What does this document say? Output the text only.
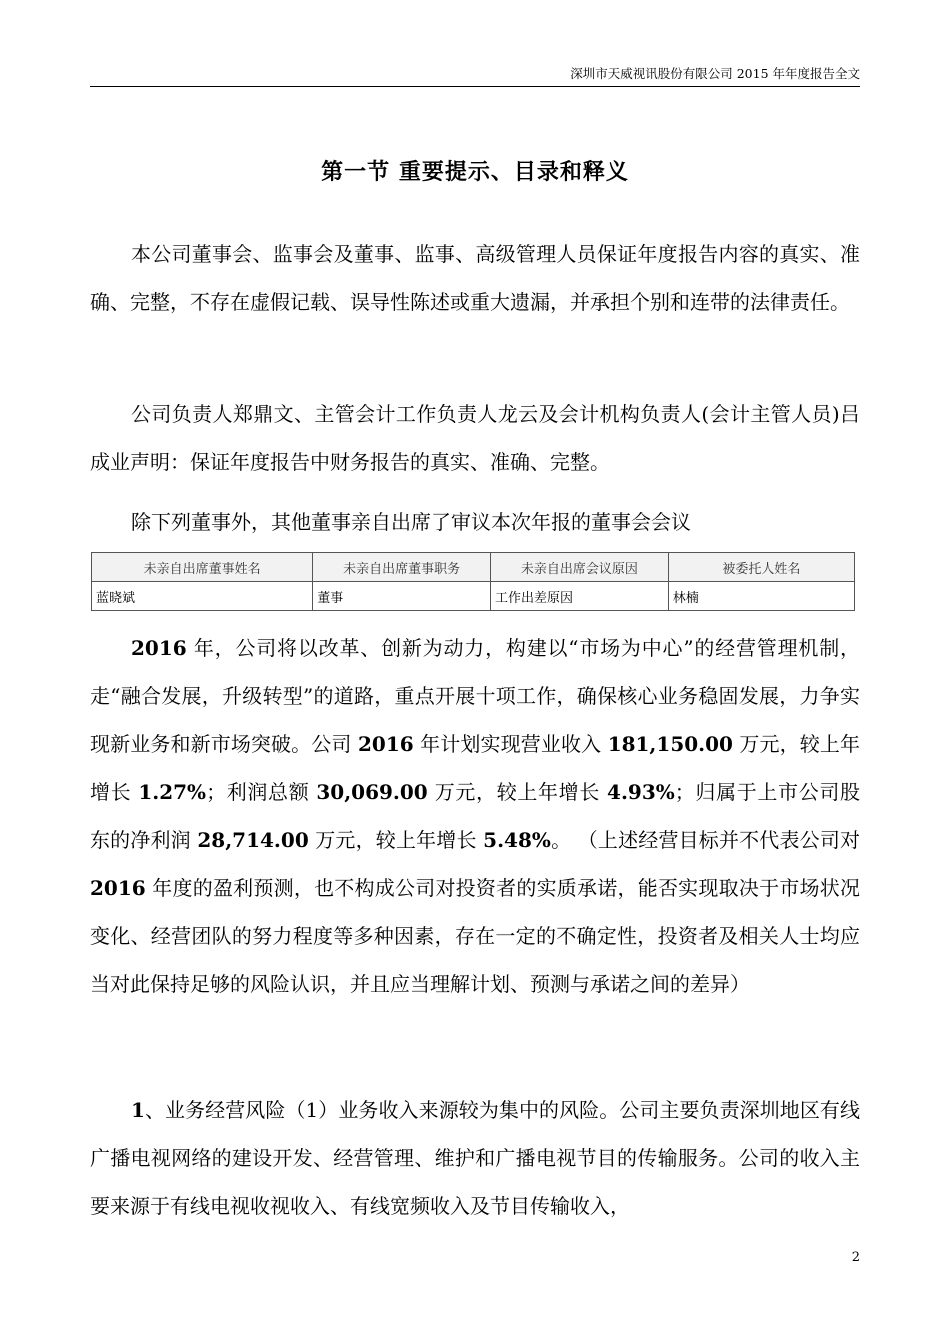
深圳市天威视讯股份有限公司 2015 年年度报告全文
第一节 重要提示、目录和释义

本公司董事会、监事会及董事、监事、高级管理人员保证年度报告内容的真实、准确、完整，不存在虚假记载、误导性陈述或重大遗漏，并承担个别和连带的法律责任。

公司负责人郑鼎文、主管会计工作负责人龙云及会计机构负责人(会计主管人员)吕成业声明：保证年度报告中财务报告的真实、准确、完整。

除下列董事外，其他董事亲自出席了审议本次年报的董事会会议

未亲自出席董事姓名	未亲自出席董事职务	未亲自出席会议原因	被委托人姓名
蓝晓斌	董事	工作出差原因	林楠

2016 年，公司将以改革、创新为动力，构建以“市场为中心”的经营管理机制，走“融合发展，升级转型”的道路，重点开展十项工作，确保核心业务稳固发展，力争实现新业务和新市场突破。公司 2016 年计划实现营业收入 181,150.00 万元，较上年增长 1.27%；利润总额 30,069.00 万元，较上年增长 4.93%；归属于上市公司股东的净利润 28,714.00 万元，较上年增长 5.48%。 （上述经营目标并不代表公司对 2016 年度的盈利预测，也不构成公司对投资者的实质承诺，能否实现取决于市场状况变化、经营团队的努力程度等多种因素，存在一定的不确定性，投资者及相关人士均应当对此保持足够的风险认识，并且应当理解计划、预测与承诺之间的差异）

1、业务经营风险（1）业务收入来源较为集中的风险。公司主要负责深圳地区有线广播电视网络的建设开发、经营管理、维护和广播电视节目的传输服务。公司的收入主要来源于有线电视收视收入、有线宽频收入及节目传输收入，

2
